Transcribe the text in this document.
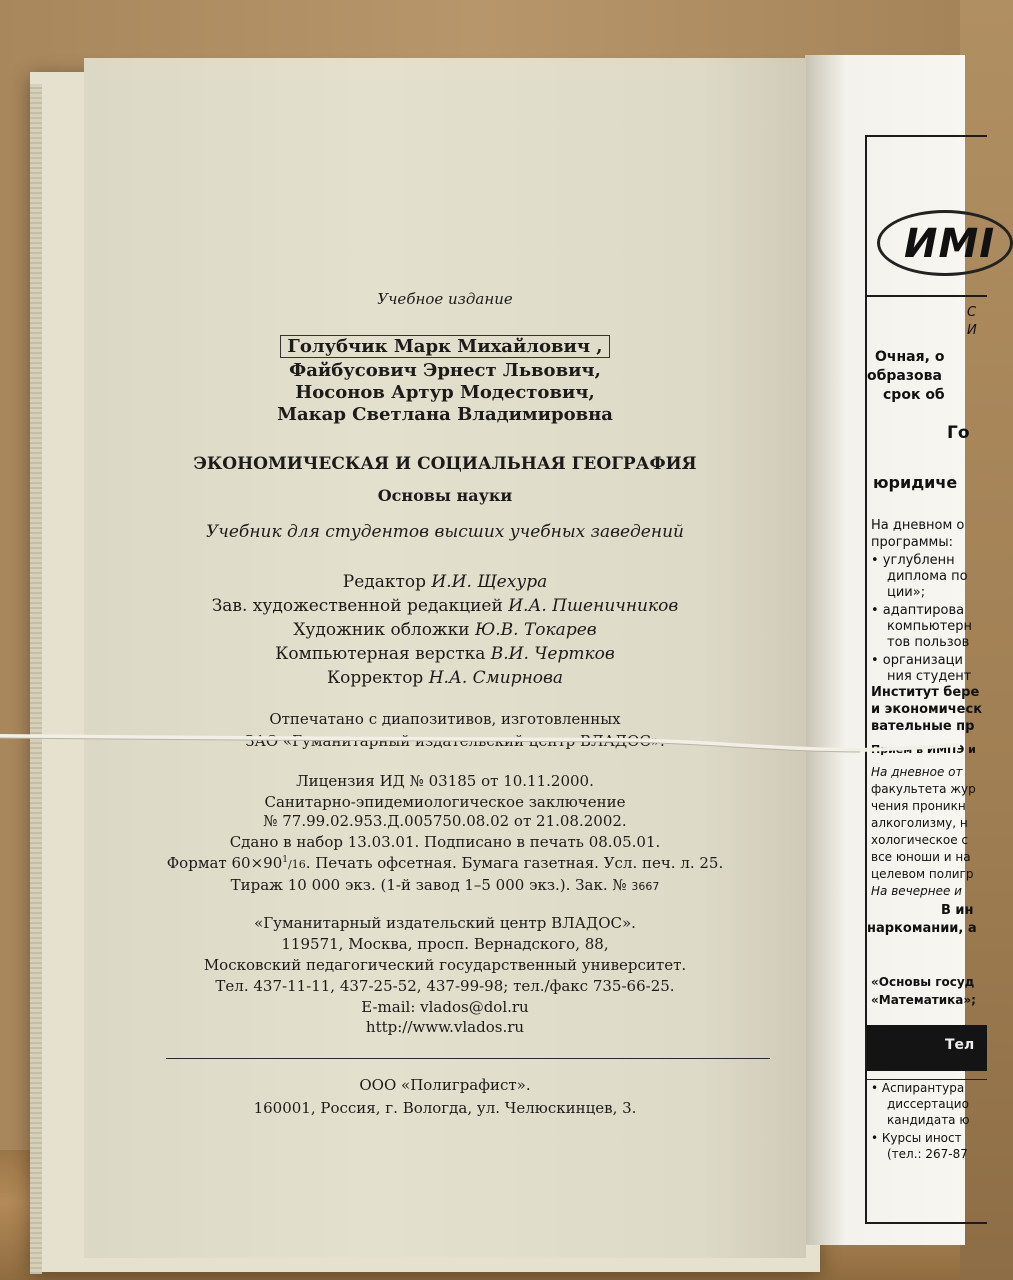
ИМІ
С
И
Очная, о
образова
срок об
Го
юридиче
На дневном о
программы:
• углубленн
диплома по
ции»;
• адаптирова
компьютерн
тов пользов
• организаци
ния студент
Институт бере
и экономическ
вательные пр
Прием в ИМПЭ и
На дневное от
факультета жур
чения проникн
алкоголизму, н
хологическое с
все юноши и на
целевом полигр
На вечернее и
В ин
наркомании, а
«Основы госуд
«Математика»;
Тел
• Аспирантура
диссертацио
кандидата ю
• Курсы иност
(тел.: 267-87
Учебное издание
Голубчик Марк Михайлович ,
Файбусович Эрнест Львович,
Носонов Артур Модестович,
Макар Светлана Владимировна
ЭКОНОМИЧЕСКАЯ И СОЦИАЛЬНАЯ ГЕОГРАФИЯ
Основы науки
Учебник для студентов высших учебных заведений
Редактор И.И. Щехура
Зав. художественной редакцией И.А. Пшеничников
Художник обложки Ю.В. Токарев
Компьютерная верстка В.И. Чертков
Корректор Н.А. Смирнова
Отпечатано с диапозитивов, изготовленных
ЗАО «Гуманитарный издательский центр ВЛАДОС».
Лицензия ИД № 03185 от 10.11.2000.
Санитарно-эпидемиологическое заключение
№ 77.99.02.953.Д.005750.08.02 от 21.08.2002.
Сдано в набор 13.03.01. Подписано в печать 08.05.01.
Формат $60\times 90^1/16$. Печать офсетная. Бумага газетная. Усл. печ. л. 25.
Тираж 10 000 экз. (1-й завод 1–5 000 экз.). Зак. № 3667
«Гуманитарный издательский центр ВЛАДОС».
119571, Москва, просп. Вернадского, 88,
Московский педагогический государственный университет.
Тел. 437-11-11, 437-25-52, 437-99-98; тел./факс 735-66-25.
E-mail: vlados@dol.ru
http://www.vlados.ru
ООО «Полиграфист».
160001, Россия, г. Вологда, ул. Челюскинцев, 3.
